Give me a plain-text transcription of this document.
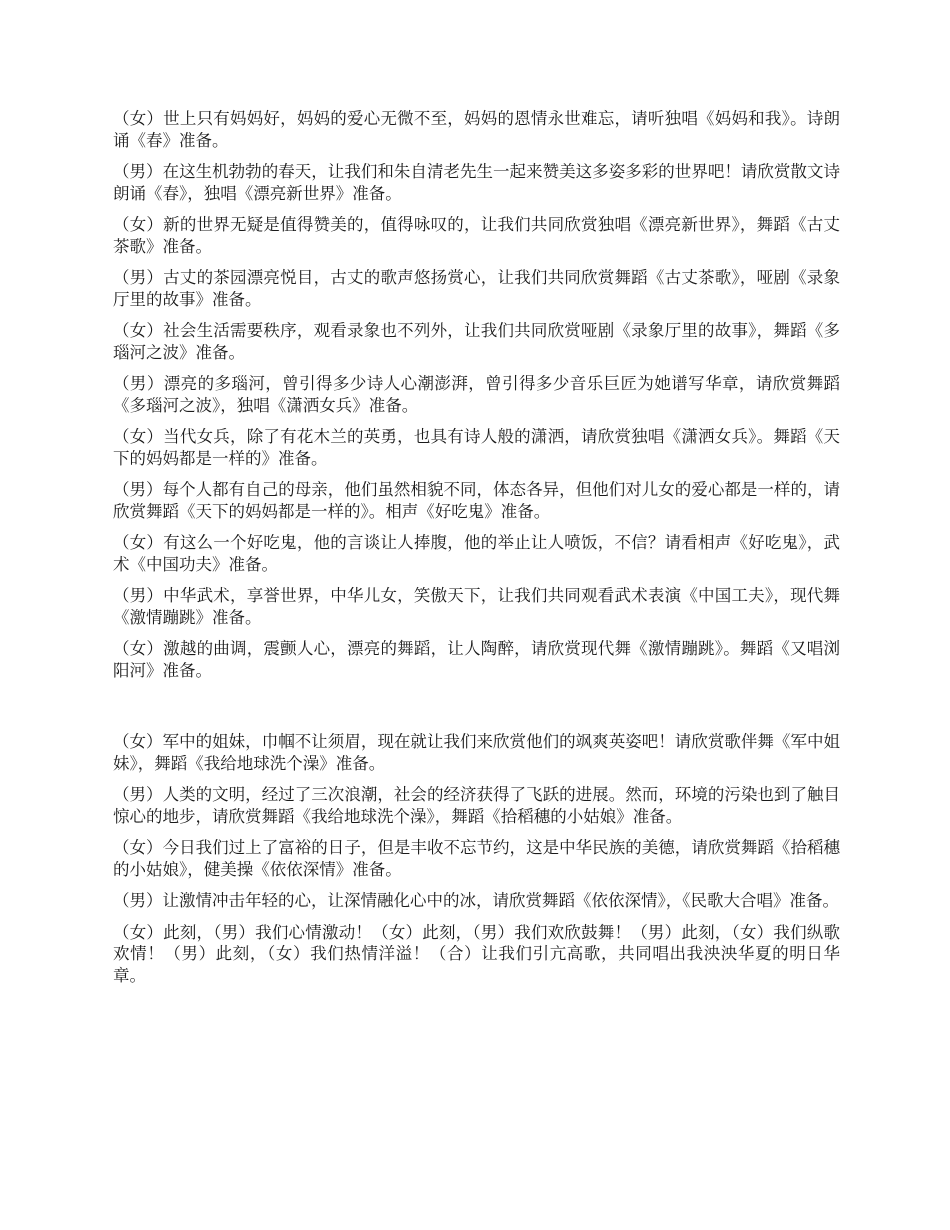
（女）世上只有妈妈好，妈妈的爱心无微不至，妈妈的恩情永世难忘，请听独唱《妈妈和我》。诗朗诵《春》准备。

（男）在这生机勃勃的春天，让我们和朱自清老先生一起来赞美这多姿多彩的世界吧！请欣赏散文诗朗诵《春》，独唱《漂亮新世界》准备。

（女）新的世界无疑是值得赞美的，值得咏叹的，让我们共同欣赏独唱《漂亮新世界》，舞蹈《古丈茶歌》准备。

（男）古丈的茶园漂亮悦目，古丈的歌声悠扬赏心，让我们共同欣赏舞蹈《古丈茶歌》，哑剧《录象厅里的故事》准备。

（女）社会生活需要秩序，观看录象也不列外，让我们共同欣赏哑剧《录象厅里的故事》，舞蹈《多瑙河之波》准备。

（男）漂亮的多瑙河，曾引得多少诗人心潮澎湃，曾引得多少音乐巨匠为她谱写华章，请欣赏舞蹈《多瑙河之波》，独唱《潇洒女兵》准备。

（女）当代女兵，除了有花木兰的英勇，也具有诗人般的潇洒，请欣赏独唱《潇洒女兵》。舞蹈《天下的妈妈都是一样的》准备。

（男）每个人都有自己的母亲，他们虽然相貌不同，体态各异，但他们对儿女的爱心都是一样的，请欣赏舞蹈《天下的妈妈都是一样的》。相声《好吃鬼》准备。

（女）有这么一个好吃鬼，他的言谈让人捧腹，他的举止让人喷饭，不信？请看相声《好吃鬼》，武术《中国功夫》准备。

（男）中华武术，享誉世界，中华儿女，笑傲天下，让我们共同观看武术表演《中国工夫》，现代舞《激情蹦跳》准备。

（女）激越的曲调，震颤人心，漂亮的舞蹈，让人陶醉，请欣赏现代舞《激情蹦跳》。舞蹈《又唱浏阳河》准备。

（女）军中的姐妹，巾帼不让须眉，现在就让我们来欣赏他们的飒爽英姿吧！请欣赏歌伴舞《军中姐妹》，舞蹈《我给地球洗个澡》准备。

（男）人类的文明，经过了三次浪潮，社会的经济获得了飞跃的进展。然而，环境的污染也到了触目惊心的地步，请欣赏舞蹈《我给地球洗个澡》，舞蹈《拾稻穗的小姑娘》准备。

（女）今日我们过上了富裕的日子，但是丰收不忘节约，这是中华民族的美德，请欣赏舞蹈《拾稻穗的小姑娘》，健美操《依依深情》准备。

（男）让激情冲击年轻的心，让深情融化心中的冰，请欣赏舞蹈《依依深情》，《民歌大合唱》准备。

（女）此刻，（男）我们心情激动！（女）此刻，（男）我们欢欣鼓舞！（男）此刻，（女）我们纵歌欢情！（男）此刻，（女）我们热情洋溢！（合）让我们引亢高歌，共同唱出我泱泱华夏的明日华章。
